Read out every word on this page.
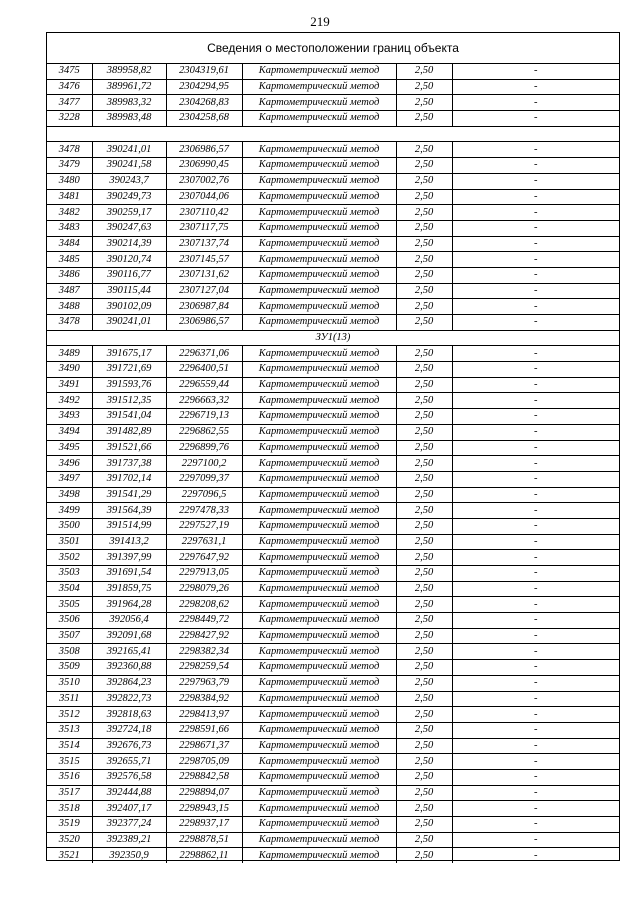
219
Сведения о местоположении границ объекта
3475	389958,82	2304319,61	Картометрический метод	2,50	-
3476	389961,72	2304294,95	Картометрический метод	2,50	-
3477	389983,32	2304268,83	Картометрический метод	2,50	-
3228	389983,48	2304258,68	Картометрический метод	2,50	-

3478	390241,01	2306986,57	Картометрический метод	2,50	-
3479	390241,58	2306990,45	Картометрический метод	2,50	-
3480	390243,7	2307002,76	Картометрический метод	2,50	-
3481	390249,73	2307044,06	Картометрический метод	2,50	-
3482	390259,17	2307110,42	Картометрический метод	2,50	-
3483	390247,63	2307117,75	Картометрический метод	2,50	-
3484	390214,39	2307137,74	Картометрический метод	2,50	-
3485	390120,74	2307145,57	Картометрический метод	2,50	-
3486	390116,77	2307131,62	Картометрический метод	2,50	-
3487	390115,44	2307127,04	Картометрический метод	2,50	-
3488	390102,09	2306987,84	Картометрический метод	2,50	-
3478	390241,01	2306986,57	Картометрический метод	2,50	-
ЗУ1(13)					
3489	391675,17	2296371,06	Картометрический метод	2,50	-
3490	391721,69	2296400,51	Картометрический метод	2,50	-
3491	391593,76	2296559,44	Картометрический метод	2,50	-
3492	391512,35	2296663,32	Картометрический метод	2,50	-
3493	391541,04	2296719,13	Картометрический метод	2,50	-
3494	391482,89	2296862,55	Картометрический метод	2,50	-
3495	391521,66	2296899,76	Картометрический метод	2,50	-
3496	391737,38	2297100,2	Картометрический метод	2,50	-
3497	391702,14	2297099,37	Картометрический метод	2,50	-
3498	391541,29	2297096,5	Картометрический метод	2,50	-
3499	391564,39	2297478,33	Картометрический метод	2,50	-
3500	391514,99	2297527,19	Картометрический метод	2,50	-
3501	391413,2	2297631,1	Картометрический метод	2,50	-
3502	391397,99	2297647,92	Картометрический метод	2,50	-
3503	391691,54	2297913,05	Картометрический метод	2,50	-
3504	391859,75	2298079,26	Картометрический метод	2,50	-
3505	391964,28	2298208,62	Картометрический метод	2,50	-
3506	392056,4	2298449,72	Картометрический метод	2,50	-
3507	392091,68	2298427,92	Картометрический метод	2,50	-
3508	392165,41	2298382,34	Картометрический метод	2,50	-
3509	392360,88	2298259,54	Картометрический метод	2,50	-
3510	392864,23	2297963,79	Картометрический метод	2,50	-
3511	392822,73	2298384,92	Картометрический метод	2,50	-
3512	392818,63	2298413,97	Картометрический метод	2,50	-
3513	392724,18	2298591,66	Картометрический метод	2,50	-
3514	392676,73	2298671,37	Картометрический метод	2,50	-
3515	392655,71	2298705,09	Картометрический метод	2,50	-
3516	392576,58	2298842,58	Картометрический метод	2,50	-
3517	392444,88	2298894,07	Картометрический метод	2,50	-
3518	392407,17	2298943,15	Картометрический метод	2,50	-
3519	392377,24	2298937,17	Картометрический метод	2,50	-
3520	392389,21	2298878,51	Картометрический метод	2,50	-
3521	392350,9	2298862,11	Картометрический метод	2,50	-
